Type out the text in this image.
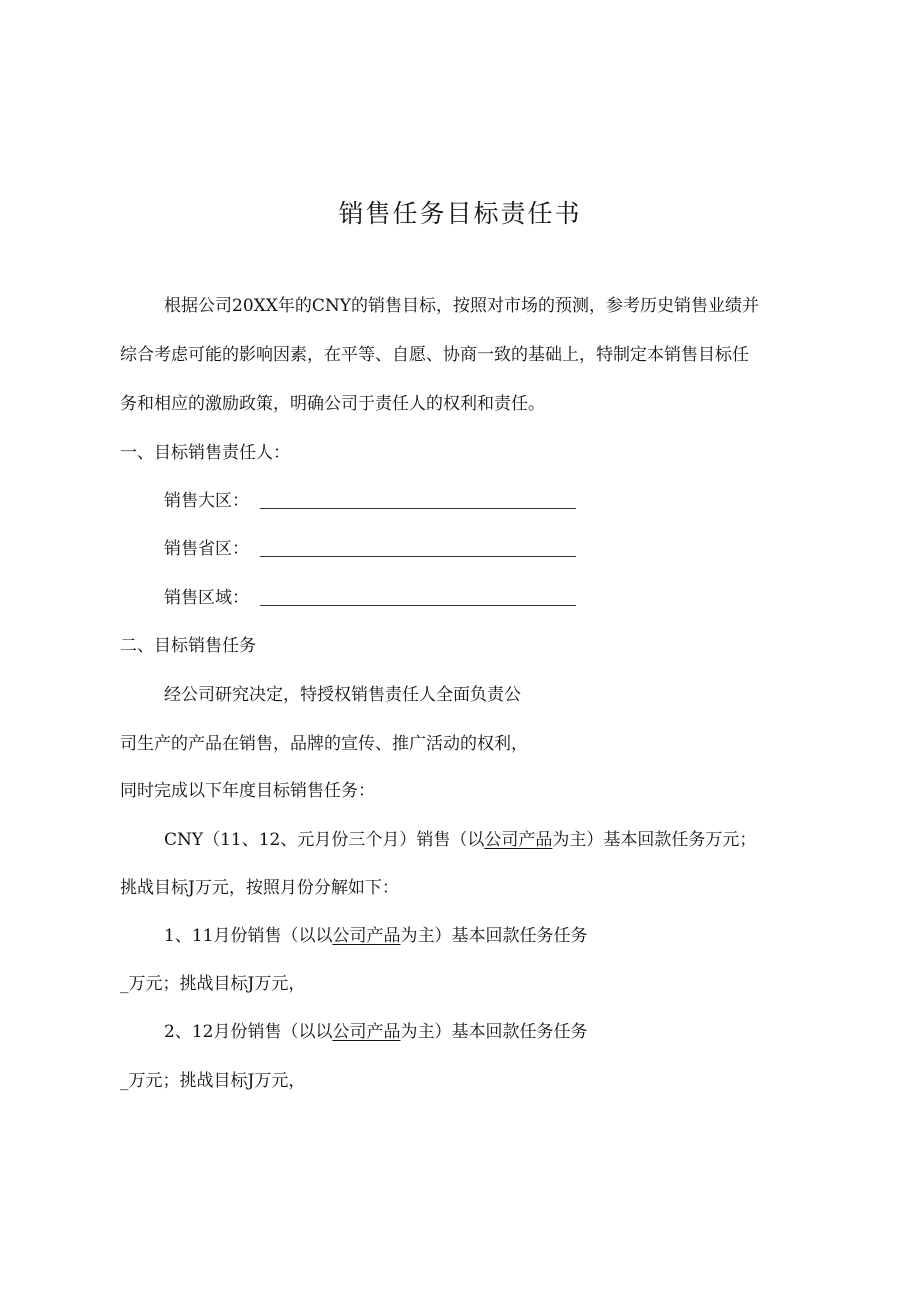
销售任务目标责任书
根据公司20XX年的CNY的销售目标，按照对市场的预测，参考历史销售业绩并
综合考虑可能的影响因素，在平等、自愿、协商一致的基础上，特制定本销售目标任
务和相应的激励政策，明确公司于责任人的权利和责任。
一、目标销售责任人：
销售大区：
销售省区：
销售区域：
二、目标销售任务
经公司研究决定，特授权销售责任人全面负责公
司生产的产品在销售，品牌的宣传、推广活动的权利，
同时完成以下年度目标销售任务：
CNY（11、12、元月份三个月）销售（以公司产品为主）基本回款任务万元；
挑战目标J万元，按照月份分解如下：
1、11月份销售（以以公司产品为主）基本回款任务任务
_万元；挑战目标J万元，
2、12月份销售（以以公司产品为主）基本回款任务任务
_万元；挑战目标J万元，
